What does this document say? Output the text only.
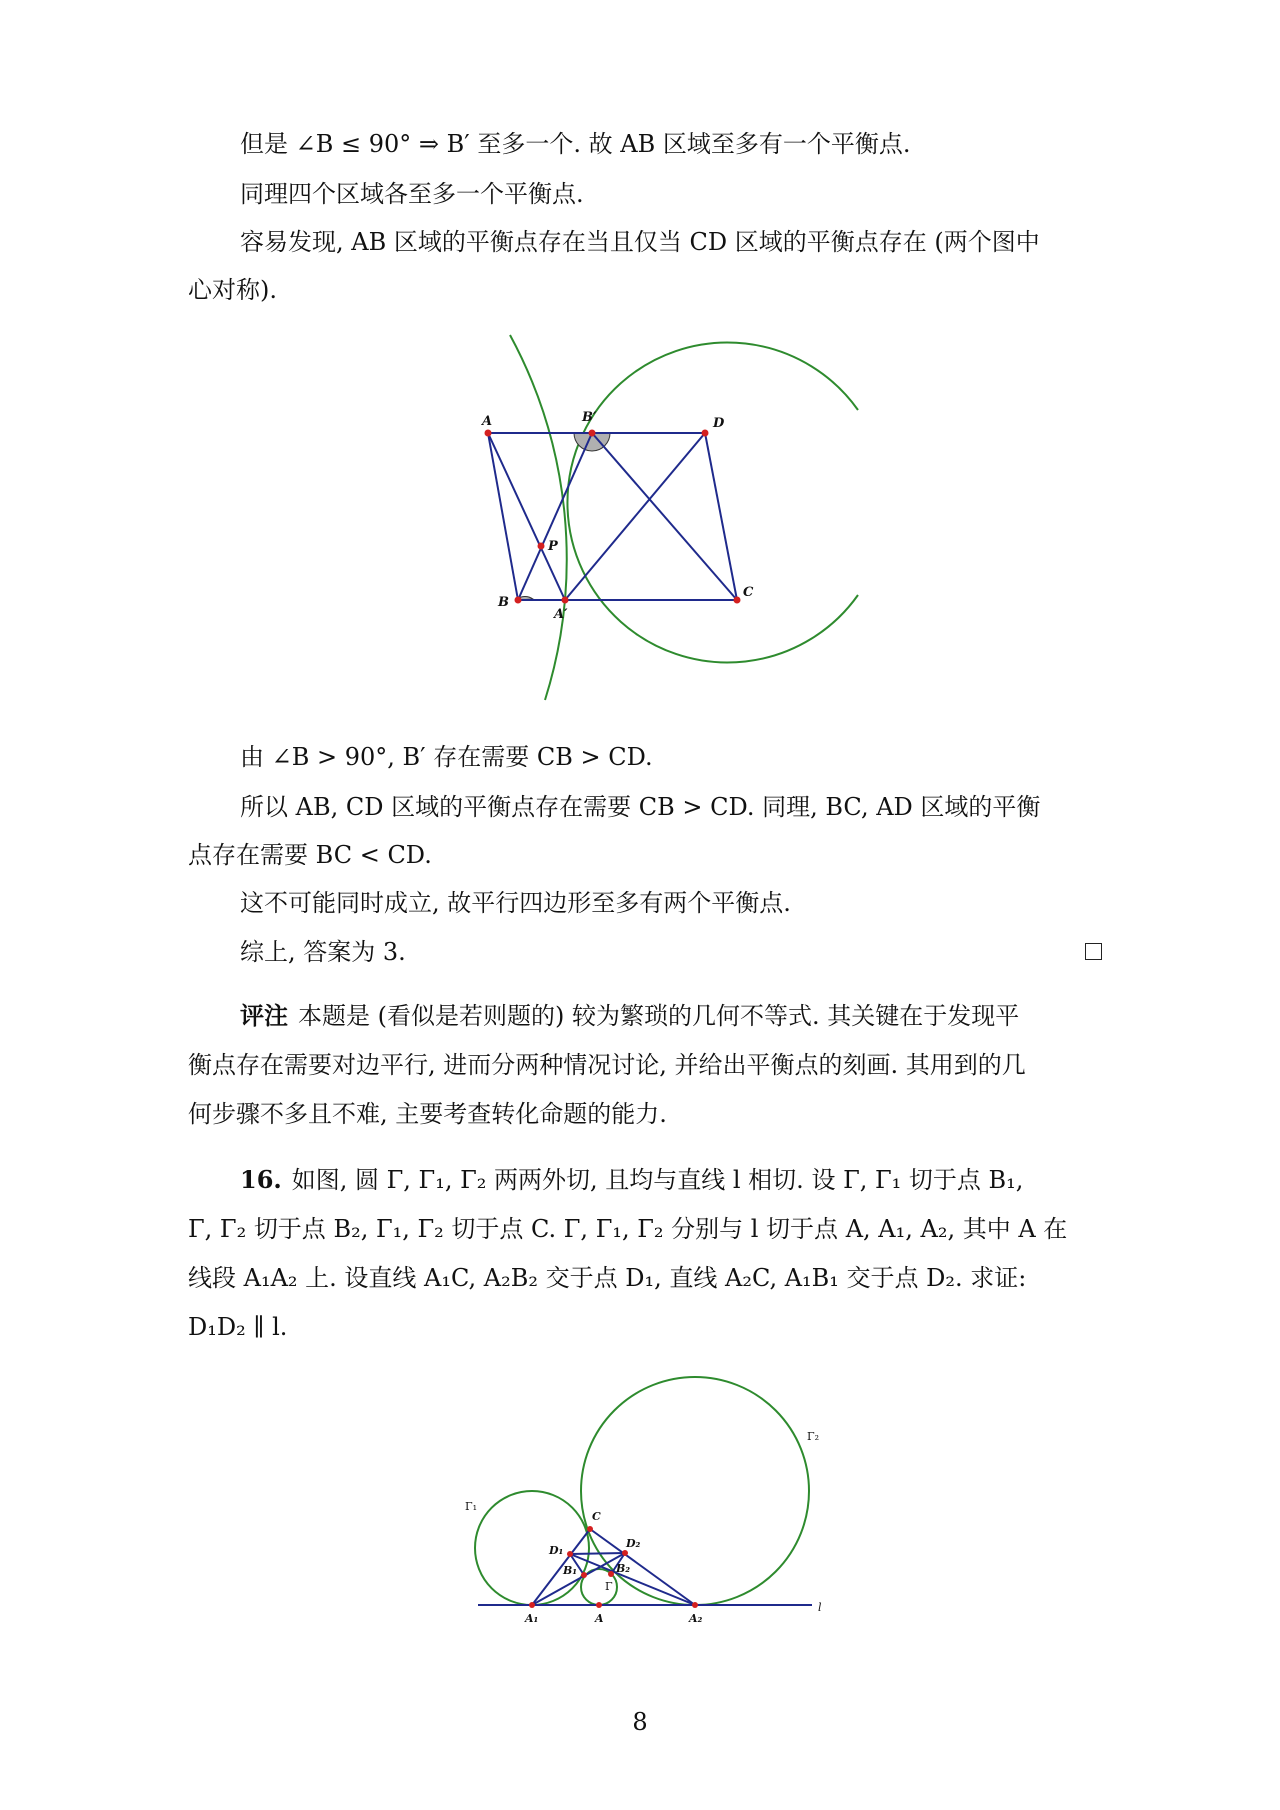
但是 ∠B ≤ 90° ⇒ B′ 至多一个. 故 AB 区域至多有一个平衡点.
同理四个区域各至多一个平衡点.
容易发现, AB 区域的平衡点存在当且仅当 CD 区域的平衡点存在 (两个图中
心对称).
A	B′	D
P
B
A′
C
由 ∠B > 90°, B′ 存在需要 CB > CD.
所以 AB, CD 区域的平衡点存在需要 CB > CD. 同理, BC, AD 区域的平衡
点存在需要 BC < CD.
这不可能同时成立, 故平行四边形至多有两个平衡点.
综上, 答案为 3.
评注 本题是 (看似是若则题的) 较为繁琐的几何不等式. 其关键在于发现平
衡点存在需要对边平行, 进而分两种情况讨论, 并给出平衡点的刻画. 其用到的几
何步骤不多且不难, 主要考查转化命题的能力.
16. 如图, 圆 Γ, Γ₁, Γ₂ 两两外切, 且均与直线 l 相切. 设 Γ, Γ₁ 切于点 B₁,
Γ, Γ₂ 切于点 B₂, Γ₁, Γ₂ 切于点 C. Γ, Γ₁, Γ₂ 分别与 l 切于点 A, A₁, A₂, 其中 A 在
线段 A₁A₂ 上. 设直线 A₁C, A₂B₂ 交于点 D₁, 直线 A₂C, A₁B₁ 交于点 D₂. 求证:
D₁D₂ ∥ l.
Γ₂
Γ₁
C
D₁
D₂
B₁	B₂
Γ
A₁	A	A₂
l
8
